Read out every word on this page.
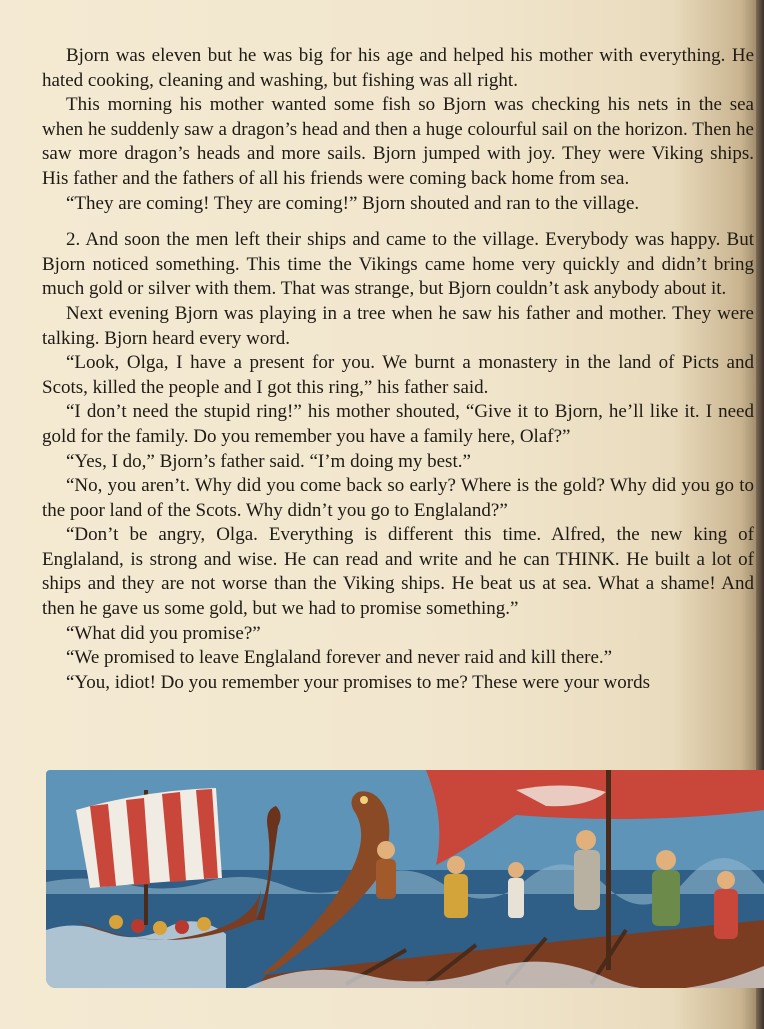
Bjorn was eleven but he was big for his age and helped his mother with everything. He hated cooking, cleaning and washing, but fishing was all right.

This morning his mother wanted some fish so Bjorn was checking his nets in the sea when he suddenly saw a dragon’s head and then a huge colourful sail on the horizon. Then he saw more dragon’s heads and more sails. Bjorn jumped with joy. They were Viking ships. His father and the fathers of all his friends were coming back home from sea.

“They are coming! They are coming!” Bjorn shouted and ran to the village.

2. And soon the men left their ships and came to the village. Everybody was happy. But Bjorn noticed something. This time the Vikings came home very quickly and didn’t bring much gold or silver with them. That was strange, but Bjorn couldn’t ask anybody about it.

Next evening Bjorn was playing in a tree when he saw his father and mother. They were talking. Bjorn heard every word.

“Look, Olga, I have a present for you. We burnt a monastery in the land of Picts and Scots, killed the people and I got this ring,” his father said.

“I don’t need the stupid ring!” his mother shouted, “Give it to Bjorn, he’ll like it. I need gold for the family. Do you remember you have a family here, Olaf?”

“Yes, I do,” Bjorn’s father said. “I’m doing my best.”

“No, you aren’t. Why did you come back so early? Where is the gold? Why did you go to the poor land of the Scots. Why didn’t you go to Englaland?”

“Don’t be angry, Olga. Everything is different this time. Alfred, the new king of Englaland, is strong and wise. He can read and write and he can THINK. He built a lot of ships and they are not worse than the Viking ships. He beat us at sea. What a shame! And then he gave us some gold, but we had to promise something.”

“What did you promise?”

“We promised to leave Englaland forever and never raid and kill there.”

“You, idiot! Do you remember your promises to me? These were your words
